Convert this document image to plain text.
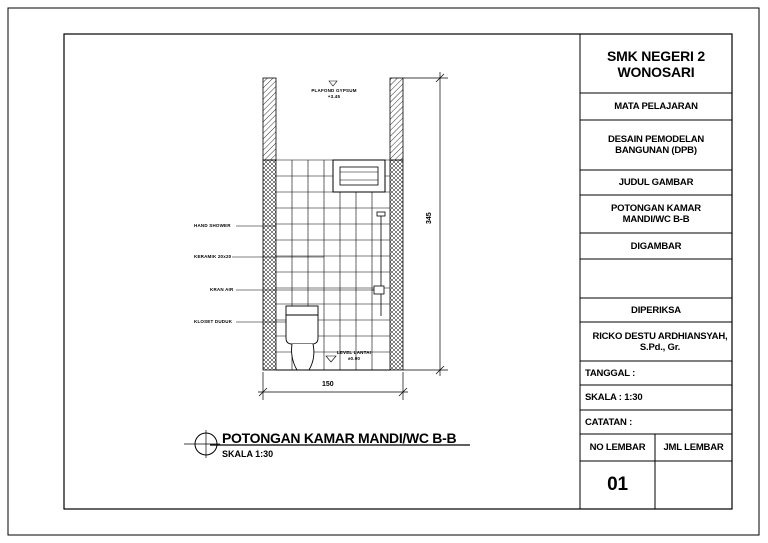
PLAFOND GYPSUM +3.45
HAND SHOWER
KERAMIK 20x20
KRAN AIR
KLOSET DUDUK
LEVEL LANTAI ±0.00
150
345
POTONGAN KAMAR MANDI/WC B-B
SKALA 1:30
SMK NEGERI 2 WONOSARI
MATA PELAJARAN
DESAIN PEMODELAN BANGUNAN (DPB)
JUDUL GAMBAR
POTONGAN KAMAR MANDI/WC B-B
DIGAMBAR
DIPERIKSA
RICKO DESTU ARDHIANSYAH, S.Pd., Gr.
TANGGAL :
SKALA : 1:30
CATATAN :
NO LEMBAR	JML LEMBAR
01
